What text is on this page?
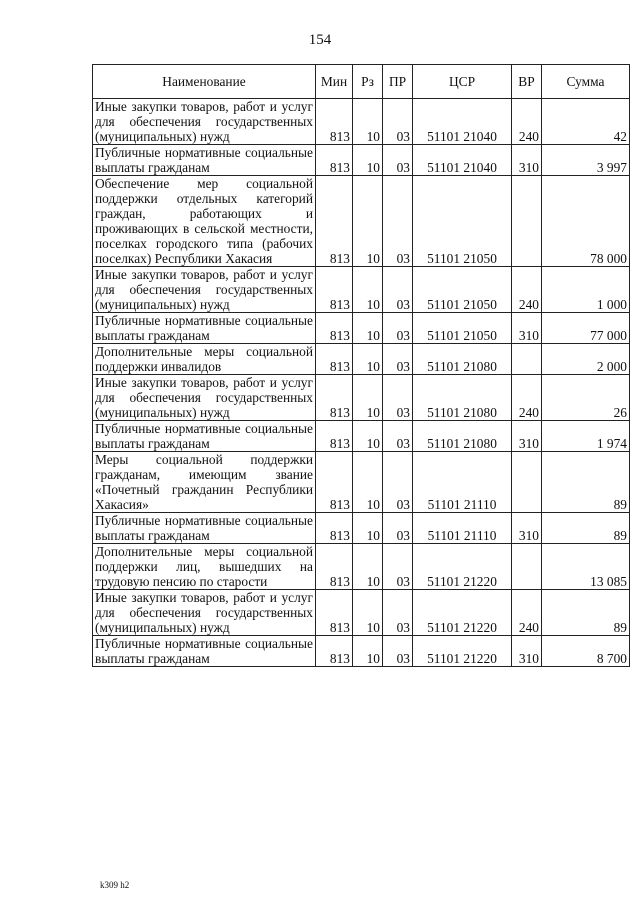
154
Наименование	Мин	Рз	ПР	ЦСР	ВР	Сумма
Иные закупки товаров, работ и услуг для обеспечения государственных (муниципальных) нужд	813	10	03	51101 21040	240	42
Публичные нормативные социальные выплаты гражданам	813	10	03	51101 21040	310	3 997
Обеспечение мер социальной поддержки отдельных категорий граждан, работающих и проживающих в сельской местности, поселках городского типа (рабочих поселках) Республики Хакасия	813	10	03	51101 21050		78 000
Иные закупки товаров, работ и услуг для обеспечения государственных (муниципальных) нужд	813	10	03	51101 21050	240	1 000
Публичные нормативные социальные выплаты гражданам	813	10	03	51101 21050	310	77 000
Дополнительные меры социальной поддержки инвалидов	813	10	03	51101 21080		2 000
Иные закупки товаров, работ и услуг для обеспечения государственных (муниципальных) нужд	813	10	03	51101 21080	240	26
Публичные нормативные социальные выплаты гражданам	813	10	03	51101 21080	310	1 974
Меры социальной поддержки гражданам, имеющим звание «Почетный гражданин Республики Хакасия»	813	10	03	51101 21110		89
Публичные нормативные социальные выплаты гражданам	813	10	03	51101 21110	310	89
Дополнительные меры социальной поддержки лиц, вышедших на трудовую пенсию по старости	813	10	03	51101 21220		13 085
Иные закупки товаров, работ и услуг для обеспечения государственных (муниципальных) нужд	813	10	03	51101 21220	240	89
Публичные нормативные социальные выплаты гражданам	813	10	03	51101 21220	310	8 700
k309 h2
